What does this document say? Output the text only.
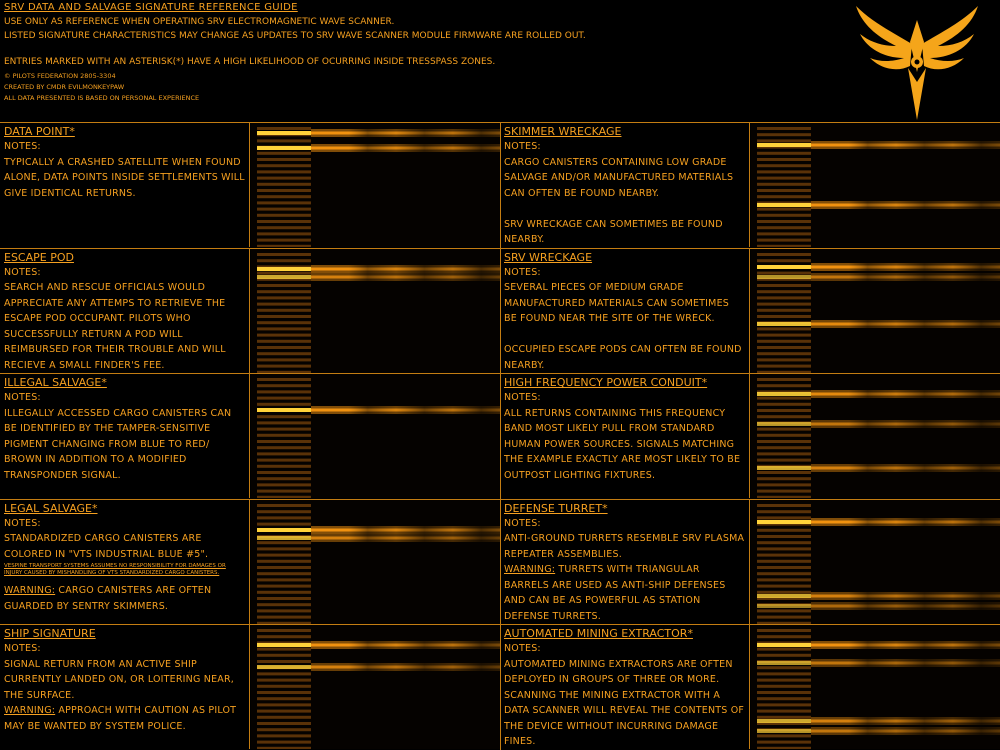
SRV DATA AND SALVAGE SIGNATURE REFERENCE GUIDE
USE ONLY AS REFERENCE WHEN OPERATING SRV ELECTROMAGNETIC WAVE SCANNER.
LISTED SIGNATURE CHARACTERISTICS MAY CHANGE AS UPDATES TO SRV WAVE SCANNER MODULE FIRMWARE ARE ROLLED OUT.
ENTRIES MARKED WITH AN ASTERISK(*) HAVE A HIGH LIKELIHOOD OF OCURRING INSIDE TRESSPASS ZONES.
© PILOTS FEDERATION 2805-3304
CREATED BY CMDR EVILMONKEYPAW
ALL DATA PRESENTED IS BASED ON PERSONAL EXPERIENCE
DATA POINT*
NOTES:
TYPICALLY A CRASHED SATELLITE WHEN FOUND ALONE, DATA POINTS INSIDE SETTLEMENTS WILL GIVE IDENTICAL RETURNS.
SKIMMER WRECKAGE
NOTES:
CARGO CANISTERS CONTAINING LOW GRADE SALVAGE AND/OR MANUFACTURED MATERIALS CAN OFTEN BE FOUND NEARBY.

SRV WRECKAGE CAN SOMETIMES BE FOUND NEARBY.
ESCAPE POD
NOTES:
SEARCH AND RESCUE OFFICIALS WOULD APPRECIATE ANY ATTEMPS TO RETRIEVE THE ESCAPE POD OCCUPANT. PILOTS WHO SUCCESSFULLY RETURN A POD WILL REIMBURSED FOR THEIR TROUBLE AND WILL RECIEVE A SMALL FINDER'S FEE.
SRV WRECKAGE
NOTES:
SEVERAL PIECES OF MEDIUM GRADE MANUFACTURED MATERIALS CAN SOMETIMES BE FOUND NEAR THE SITE OF THE WRECK.

OCCUPIED ESCAPE PODS CAN OFTEN BE FOUND NEARBY.
ILLEGAL SALVAGE*
NOTES:
ILLEGALLY ACCESSED CARGO CANISTERS CAN BE IDENTIFIED BY THE TAMPER-SENSITIVE PIGMENT CHANGING FROM BLUE TO RED/ BROWN IN ADDITION TO A MODIFIED TRANSPONDER SIGNAL.
HIGH FREQUENCY POWER CONDUIT*
NOTES:
ALL RETURNS CONTAINING THIS FREQUENCY BAND MOST LIKELY PULL FROM STANDARD HUMAN POWER SOURCES. SIGNALS MATCHING THE EXAMPLE EXACTLY ARE MOST LIKELY TO BE OUTPOST LIGHTING FIXTURES.
LEGAL SALVAGE*
NOTES:
STANDARDIZED CARGO CANISTERS ARE COLORED IN "VTS INDUSTRIAL BLUE #5".
VESPINE TRANSPORT SYSTEMS ASSUMES NO RESPONSIBILITY FOR DAMAGES OR INJURY CAUSED BY MISHANDLING OF VTS STANDARDIZED CARGO CANISTERS.
WARNING: CARGO CANISTERS ARE OFTEN GUARDED BY SENTRY SKIMMERS.
DEFENSE TURRET*
NOTES:
ANTI-GROUND TURRETS RESEMBLE SRV PLASMA REPEATER ASSEMBLIES.
WARNING: TURRETS WITH TRIANGULAR BARRELS ARE USED AS ANTI-SHIP DEFENSES AND CAN BE AS POWERFUL AS STATION DEFENSE TURRETS.
SHIP SIGNATURE
NOTES:
SIGNAL RETURN FROM AN ACTIVE SHIP CURRENTLY LANDED ON, OR LOITERING NEAR, THE SURFACE.
WARNING: APPROACH WITH CAUTION AS PILOT MAY BE WANTED BY SYSTEM POLICE.
AUTOMATED MINING EXTRACTOR*
NOTES:
AUTOMATED MINING EXTRACTORS ARE OFTEN DEPLOYED IN GROUPS OF THREE OR MORE. SCANNING THE MINING EXTRACTOR WITH A DATA SCANNER WILL REVEAL THE CONTENTS OF THE DEVICE WITHOUT INCURRING DAMAGE FINES.
